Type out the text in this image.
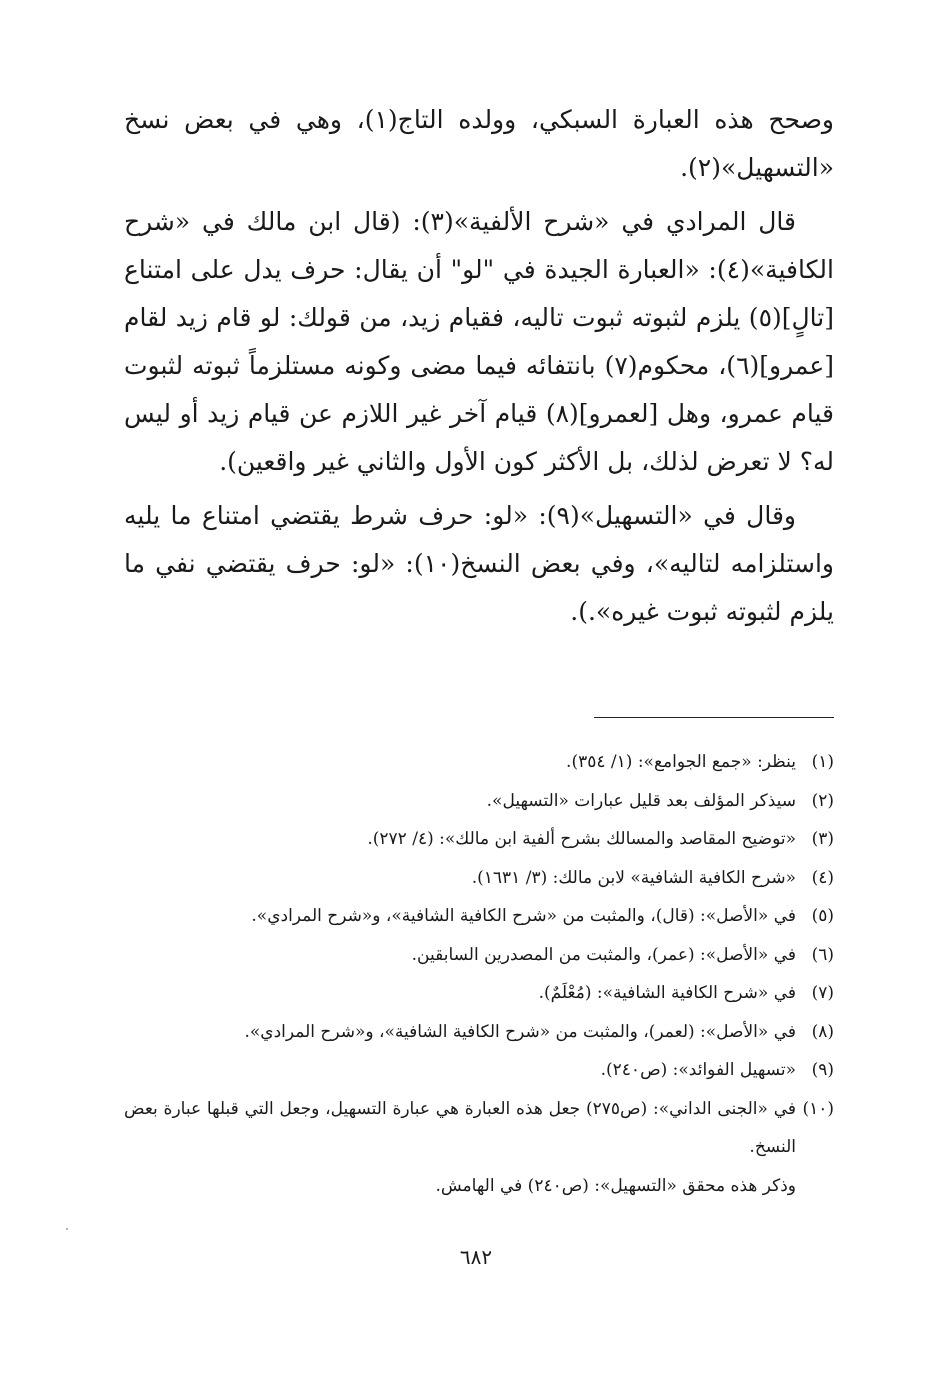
وصحح هذه العبارة السبكي، وولده التاج(١)، وهي في بعض نسخ «التسهيل»(٢).

قال المرادي في «شرح الألفية»(٣): (قال ابن مالك في «شرح الكافية»(٤): «العبارة الجيدة في "لو" أن يقال: حرف يدل على امتناع [تالٍ](٥) يلزم لثبوته ثبوت تاليه، فقيام زيد، من قولك: لو قام زيد لقام [عمرو](٦)، محكوم(٧) بانتفائه فيما مضى وكونه مستلزماً ثبوته لثبوت قيام عمرو، وهل [لعمرو](٨) قيام آخر غير اللازم عن قيام زيد أو ليس له؟ لا تعرض لذلك، بل الأكثر كون الأول والثاني غير واقعين).

وقال في «التسهيل»(٩): «لو: حرف شرط يقتضي امتناع ما يليه واستلزامه لتاليه»، وفي بعض النسخ(١٠): «لو: حرف يقتضي نفي ما يلزم لثبوته ثبوت غيره».).

(١)
ينظر: «جمع الجوامع»: (١/ ٣٥٤).
(٢)
سيذكر المؤلف بعد قليل عبارات «التسهيل».
(٣)
«توضيح المقاصد والمسالك بشرح ألفية ابن مالك»: (٤/ ٢٧٢).
(٤)
«شرح الكافية الشافية» لابن مالك: (٣/ ١٦٣١).
(٥)
في «الأصل»: (قال)، والمثبت من «شرح الكافية الشافية»، و«شرح المرادي».
(٦)
في «الأصل»: (عمر)، والمثبت من المصدرين السابقين.
(٧)
في «شرح الكافية الشافية»: (مُعْلَمٌ).
(٨)
في «الأصل»: (لعمر)، والمثبت من «شرح الكافية الشافية»، و«شرح المرادي».
(٩)
«تسهيل الفوائد»: (ص٢٤٠).
(١٠)
في «الجنى الداني»: (ص٢٧٥) جعل هذه العبارة هي عبارة التسهيل، وجعل التي قبلها عبارة بعض النسخ.
وذكر هذه محقق «التسهيل»: (ص٢٤٠) في الهامش.
٦٨٢
